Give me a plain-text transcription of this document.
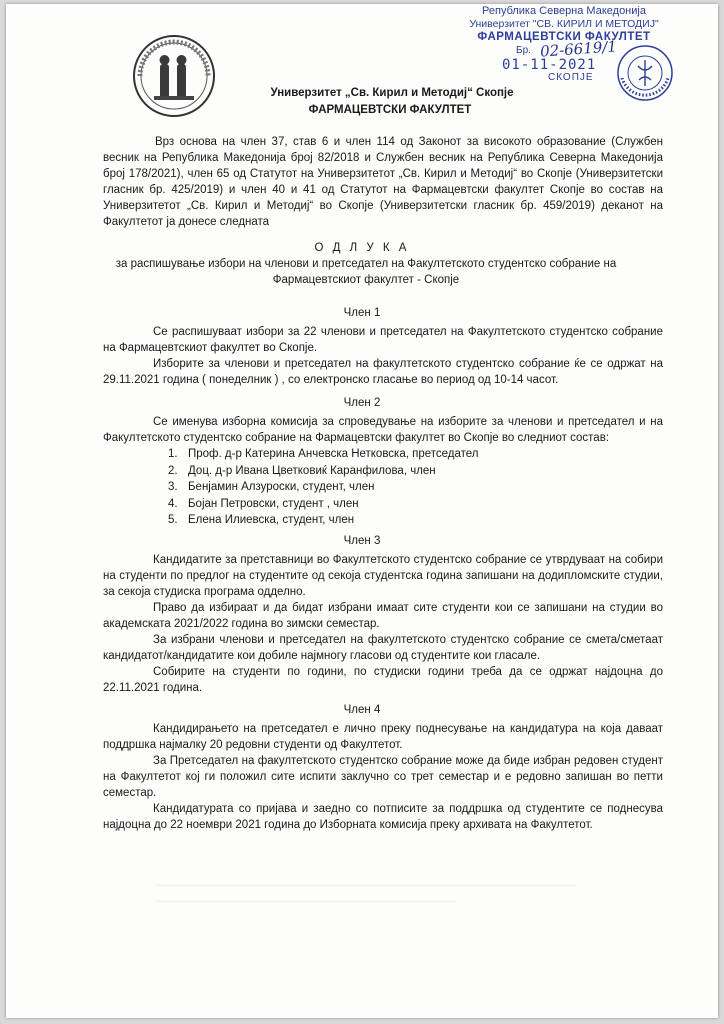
Република Северна Македонија
Универзитет "СВ. КИРИЛ И МЕТОДИЈ"
ФАРМАЦЕВТСКИ ФАКУЛТЕТ
Бр. 02-6619/1
01-11-2021
СКОПЈЕ
Универзитет „Св. Кирил и Методиј“ Скопје
ФАРМАЦЕВТСКИ ФАКУЛТЕТ
Врз основа на член 37, став 6 и член 114 од Законот за високото образование (Службен весник на Република Македонија број 82/2018 и Службен весник на Република Северна Македонија број 178/2021), член 65 од Статутот на Универзитетот „Св. Кирил и Методиј“ во Скопје (Универзитетски гласник бр. 425/2019) и член 40 и 41 од Статутот на Фармацевтски факултет Скопје во состав на Универзитетот „Св. Кирил и Методиј“ во Скопје (Универзитетски гласник бр. 459/2019) деканот на Факултетот ја донесе следната
О Д Л У К А
за распишување избори на членови и претседател на Факултетското студентско собрание на Фармацевтскиот факултет - Скопје
Член 1
Се распишуваат избори за 22 членови и претседател на Факултетското студентско собрание на Фармацевтскиот факултет во Скопје.
Изборите за членови и претседател на факултетското студентско собрание ќе се одржат на 29.11.2021 година ( понеделник ) , со електронско гласање во период од 10-14 часот.
Член 2
Се именува изборна комисија за спроведување на изборите за членови и претседател и на Факултетското студентско собрание на Фармацевтски факултет во Скопје во следниот состав:
1. Проф. д-р Катерина Анчевска Нетковска, претседател
2. Доц. д-р Ивана Цветковиќ Каранфилова, член
3. Бенјамин Алзуроски, студент, член
4. Бојан Петровски, студент , член
5. Елена Илиевска, студент, член
Член 3
Кандидатите за претставници во Факултетското студентско собрание се утврдуваат на собири на студенти по предлог на студентите од секоја студентска година запишани на додипломските студии, за секоја студиска програма одделно.
Право да избираат и да бидат избрани имаат сите студенти кои се запишани на студии во академската 2021/2022 година во зимски семестар.
За избрани членови и претседател на факултетското студентско собрание се смета/сметаат кандидатот/кандидатите кои добиле најмногу гласови од студентите кои гласале.
Собирите на студенти по години, по студиски години треба да се одржат најдоцна до 22.11.2021 година.
Член 4
Кандидирањето на претседател е лично преку поднесување на кандидатура на која даваат поддршка најмалку 20 редовни студенти од Факултетот.
За Претседател на факултетското студентско собрание може да биде избран редовен студент на Факултетот кој ги положил сите испити заклучно со трет семестар и е редовно запишан во петти семестар.
Кандидатурата со пријава и заедно со потписите за поддршка од студентите се поднесува најдоцна до 22 ноември 2021 година до Изборната комисија преку архивата на Факултетот.
